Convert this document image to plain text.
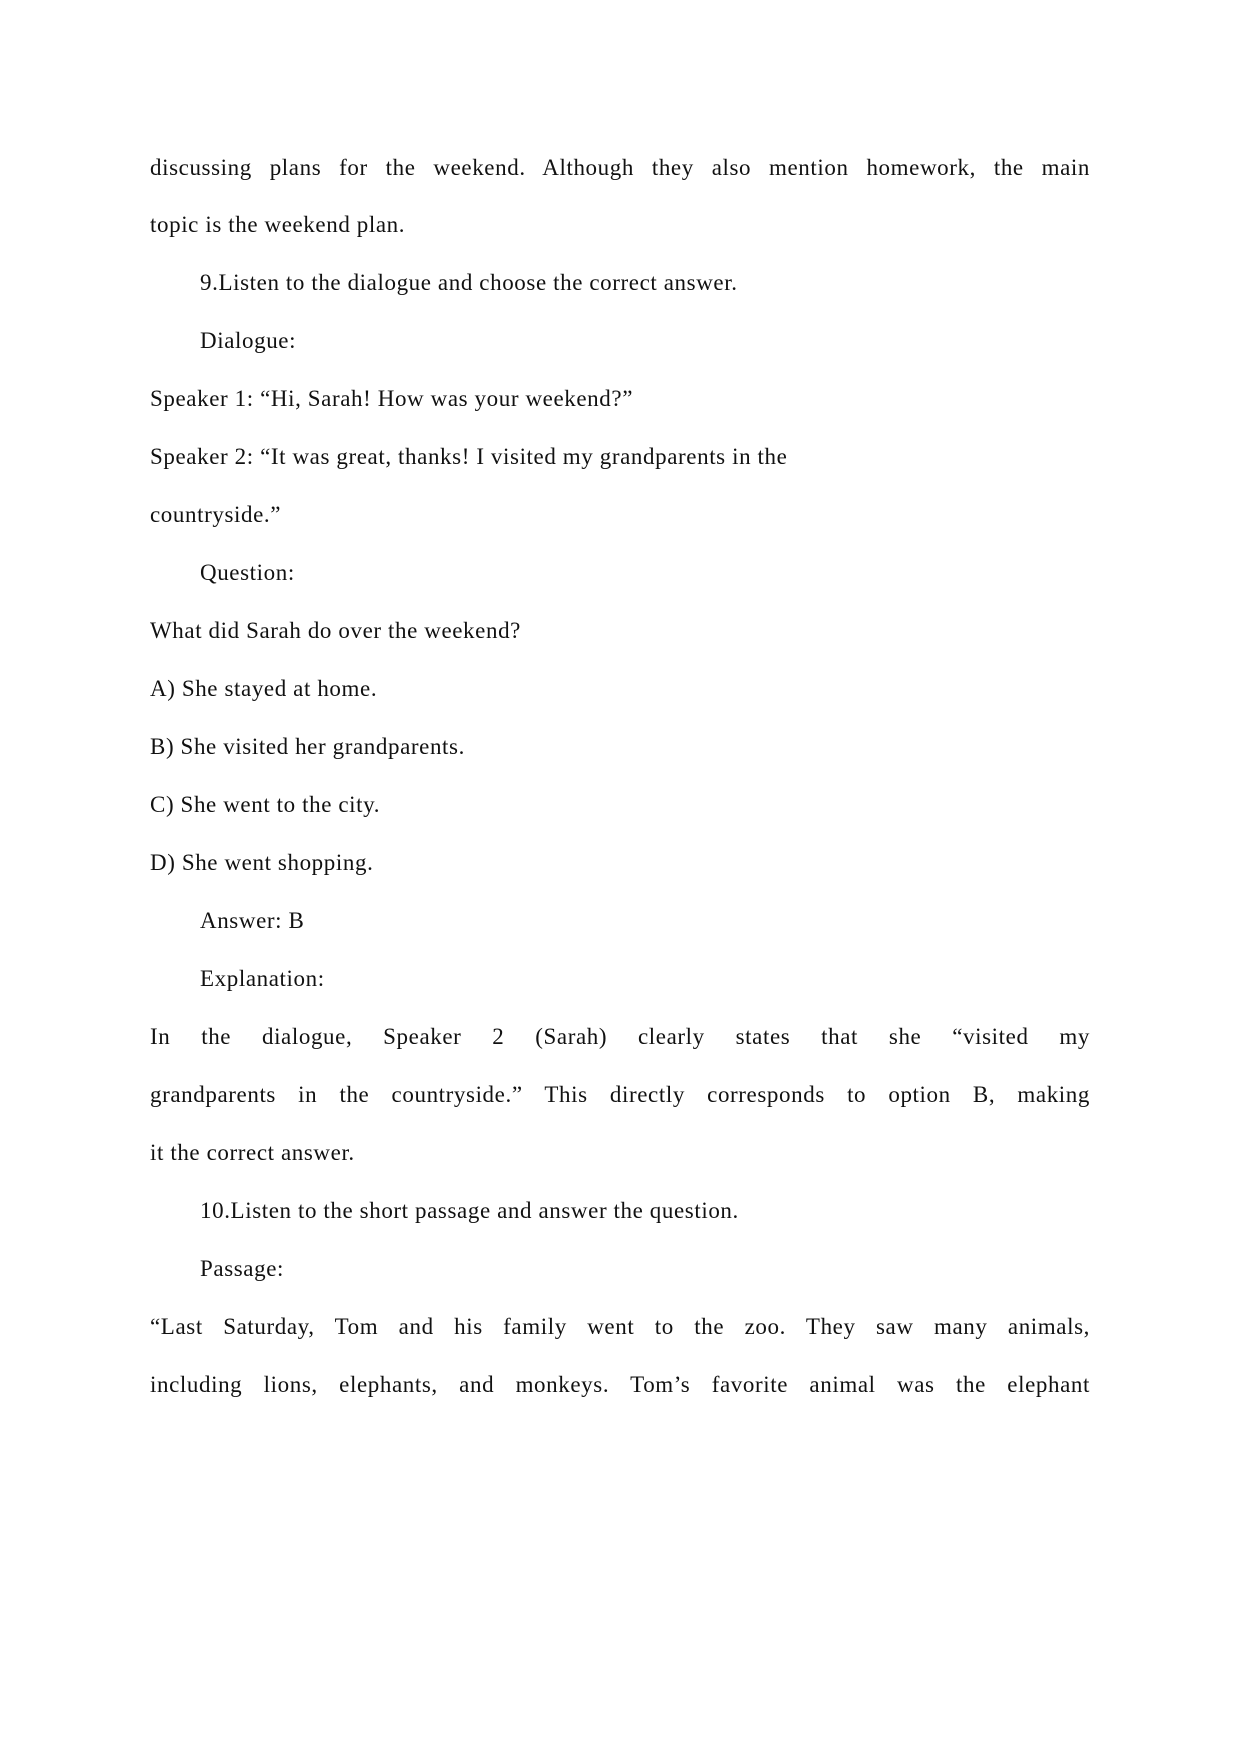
discussing plans for the weekend. Although they also mention homework, the main
topic is the weekend plan.
9.Listen to the dialogue and choose the correct answer.
Dialogue:
Speaker 1: “Hi, Sarah! How was your weekend?”
Speaker 2: “It was great, thanks! I visited my grandparents in the
countryside.”
Question:
What did Sarah do over the weekend?
A) She stayed at home.
B) She visited her grandparents.
C) She went to the city.
D) She went shopping.
Answer: B
Explanation:
In the dialogue, Speaker 2 (Sarah) clearly states that she “visited my
grandparents in the countryside.” This directly corresponds to option B, making
it the correct answer.
10.Listen to the short passage and answer the question.
Passage:
“Last Saturday, Tom and his family went to the zoo. They saw many animals,
including lions, elephants, and monkeys. Tom’s favorite animal was the elephant
